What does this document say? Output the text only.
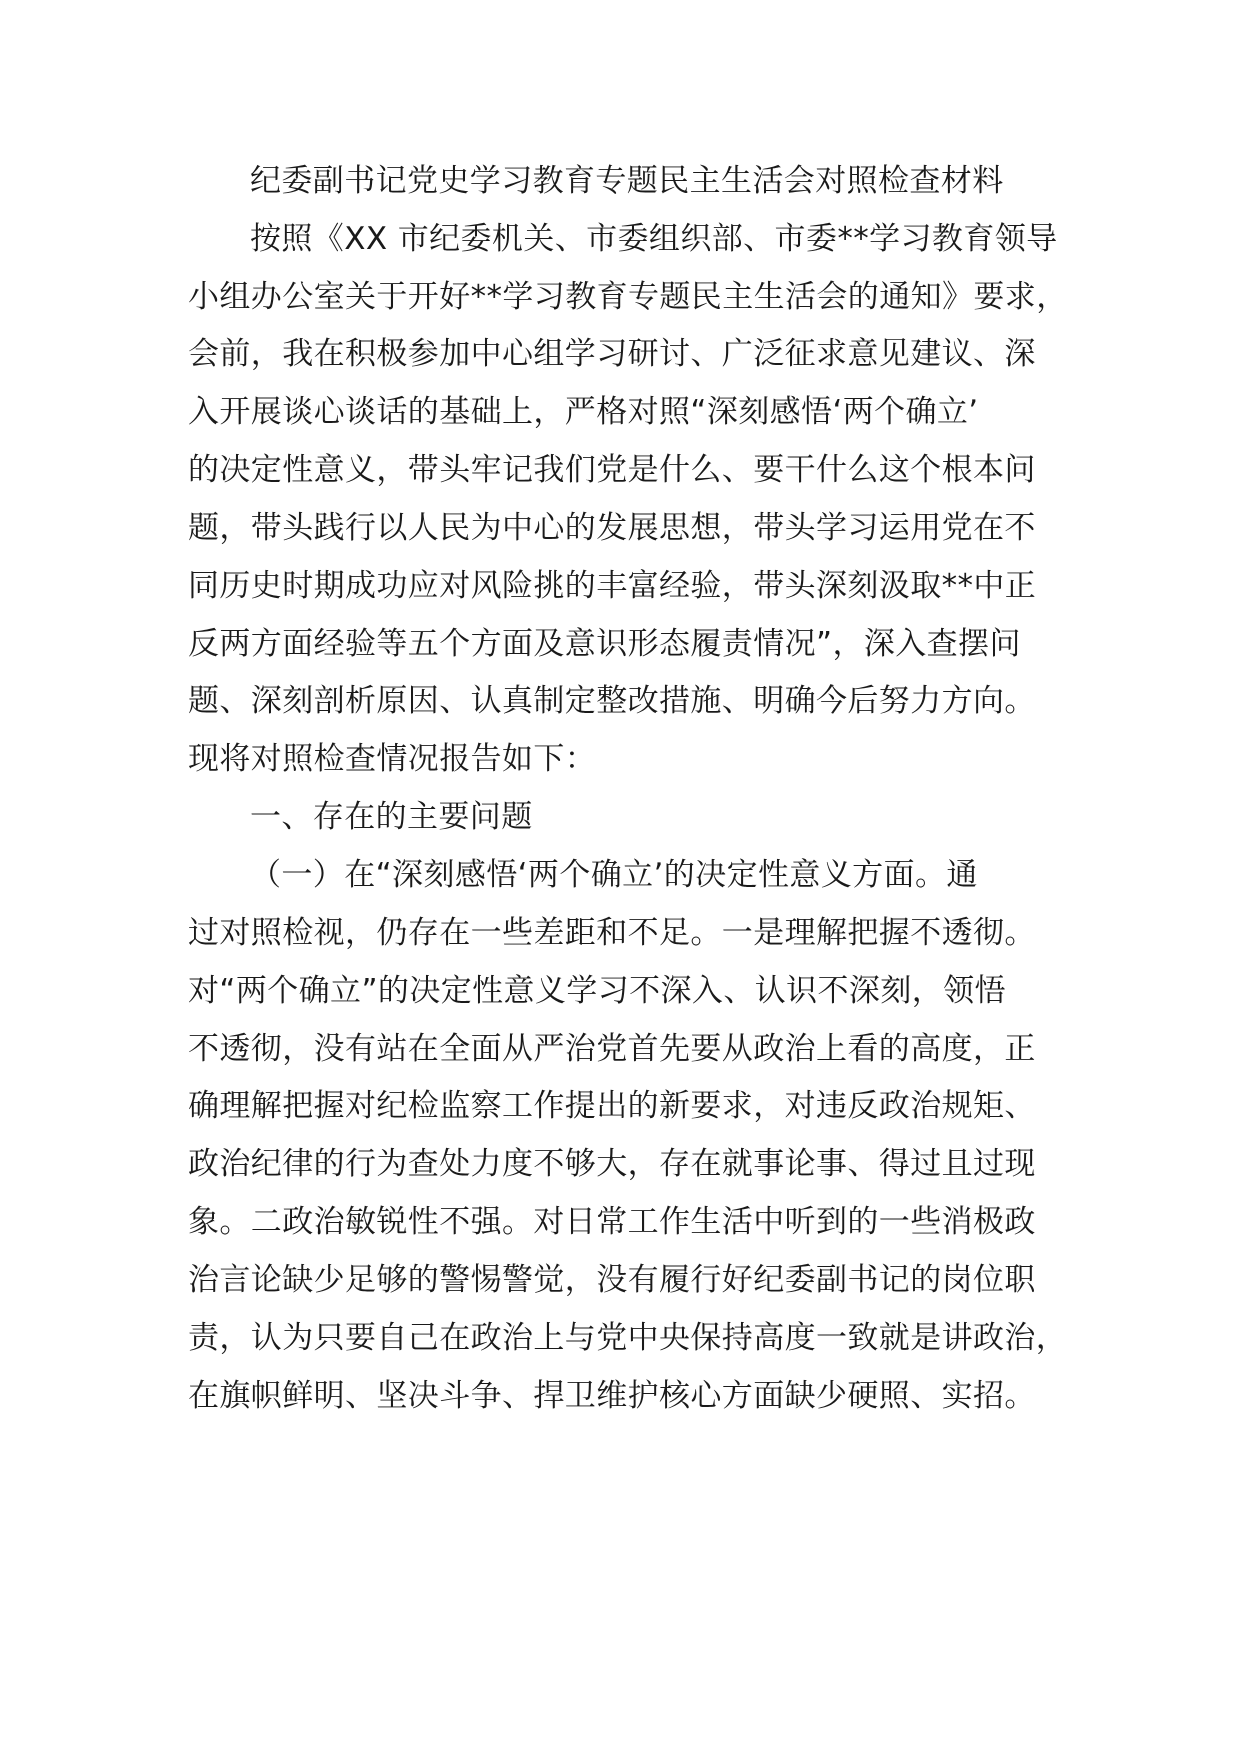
纪委副书记党史学习教育专题民主生活会对照检查材料
按照《XX 市纪委机关、市委组织部、市委**学习教育领导
小组办公室关于开好**学习教育专题民主生活会的通知》要求，
会前，我在积极参加中心组学习研讨、广泛征求意见建议、深
入开展谈心谈话的基础上，严格对照“深刻感悟‘两个确立’
的决定性意义，带头牢记我们党是什么、要干什么这个根本问
题，带头践行以人民为中心的发展思想，带头学习运用党在不
同历史时期成功应对风险挑的丰富经验，带头深刻汲取**中正
反两方面经验等五个方面及意识形态履责情况”，深入查摆问
题、深刻剖析原因、认真制定整改措施、明确今后努力方向。
现将对照检查情况报告如下：
一、存在的主要问题
（一）在“深刻感悟‘两个确立’的决定性意义方面。通
过对照检视，仍存在一些差距和不足。一是理解把握不透彻。
对“两个确立”的决定性意义学习不深入、认识不深刻，领悟
不透彻，没有站在全面从严治党首先要从政治上看的高度，正
确理解把握对纪检监察工作提出的新要求，对违反政治规矩、
政治纪律的行为查处力度不够大，存在就事论事、得过且过现
象。二政治敏锐性不强。对日常工作生活中听到的一些消极政
治言论缺少足够的警惕警觉，没有履行好纪委副书记的岗位职
责，认为只要自己在政治上与党中央保持高度一致就是讲政治，
在旗帜鲜明、坚决斗争、捍卫维护核心方面缺少硬照、实招。
